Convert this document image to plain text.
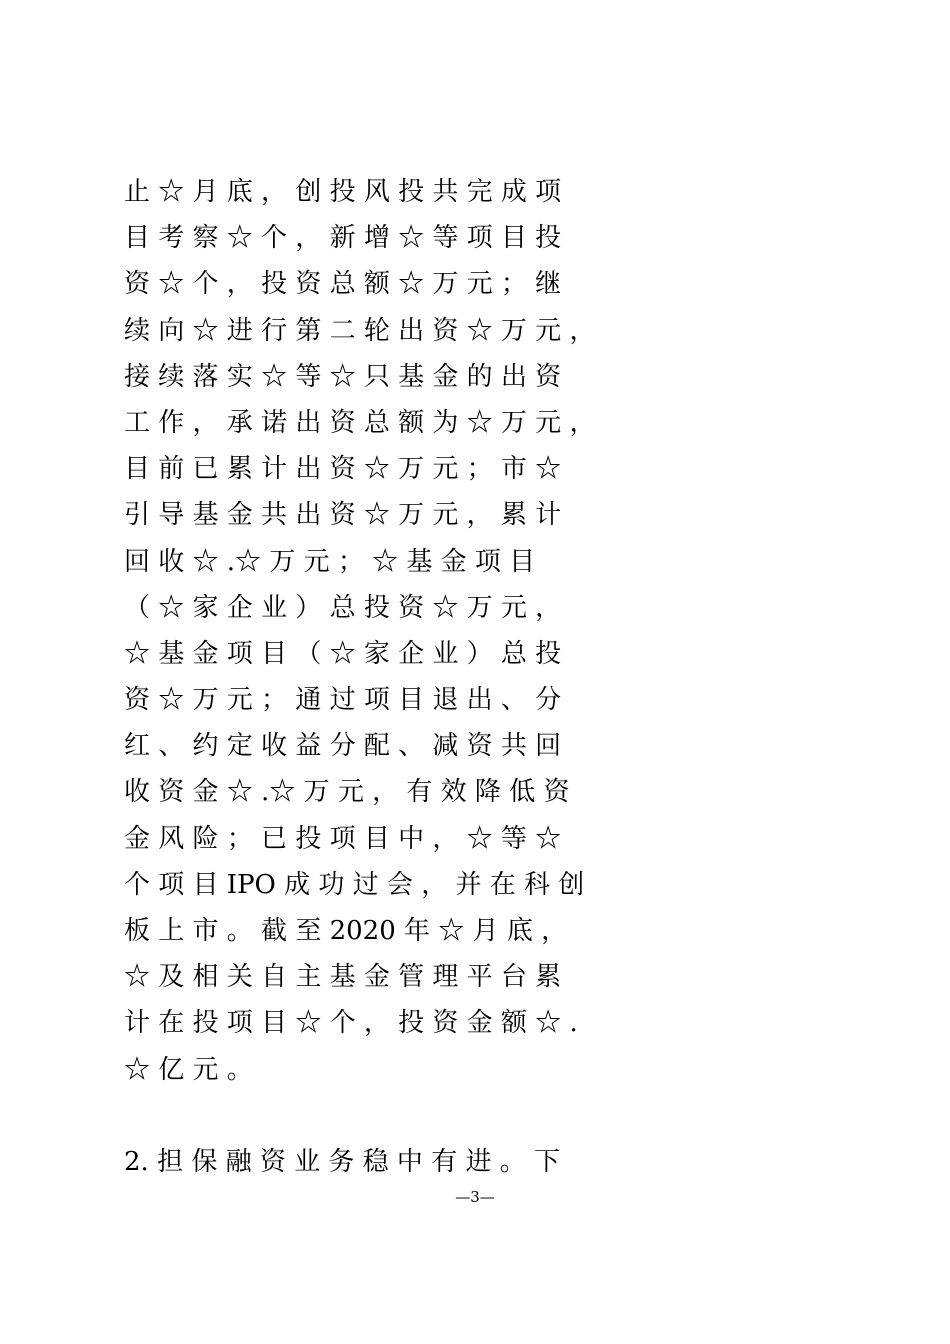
止 ☆ 月 底 ， 创 投 风 投 共 完 成 项
目 考 察 ☆ 个 ， 新 增 ☆ 等 项 目 投
资 ☆ 个 ， 投 资 总 额 ☆ 万 元 ； 继
续 向 ☆ 进 行 第 二 轮 出 资 ☆ 万 元 ，
接 续 落 实 ☆ 等 ☆ 只 基 金 的 出 资
工 作 ， 承 诺 出 资 总 额 为 ☆ 万 元 ，
目 前 已 累 计 出 资 ☆ 万 元 ； 市 ☆
引 导 基 金 共 出 资 ☆ 万 元 ， 累 计
回 收 ☆ .☆ 万 元 ； ☆ 基 金 项 目
（ ☆ 家 企 业 ） 总 投 资 ☆ 万 元 ，
☆ 基 金 项 目 （ ☆ 家 企 业 ） 总 投
资 ☆ 万 元 ； 通 过 项 目 退 出 、 分
红 、 约 定 收 益 分 配 、 减 资 共 回
收 资 金 ☆ .☆ 万 元 ， 有 效 降 低 资
金 风 险 ； 已 投 项 目 中 ， ☆ 等 ☆
个 项 目 IPO 成 功 过 会 ， 并 在 科 创
板 上 市 。 截 至 2020 年 ☆ 月 底 ，
☆ 及 相 关 自 主 基 金 管 理 平 台 累
计 在 投 项 目 ☆ 个 ， 投 资 金 额 ☆ .
☆ 亿 元 。
2. 担 保 融 资 业 务 稳 中 有 进 。 下
—3—
